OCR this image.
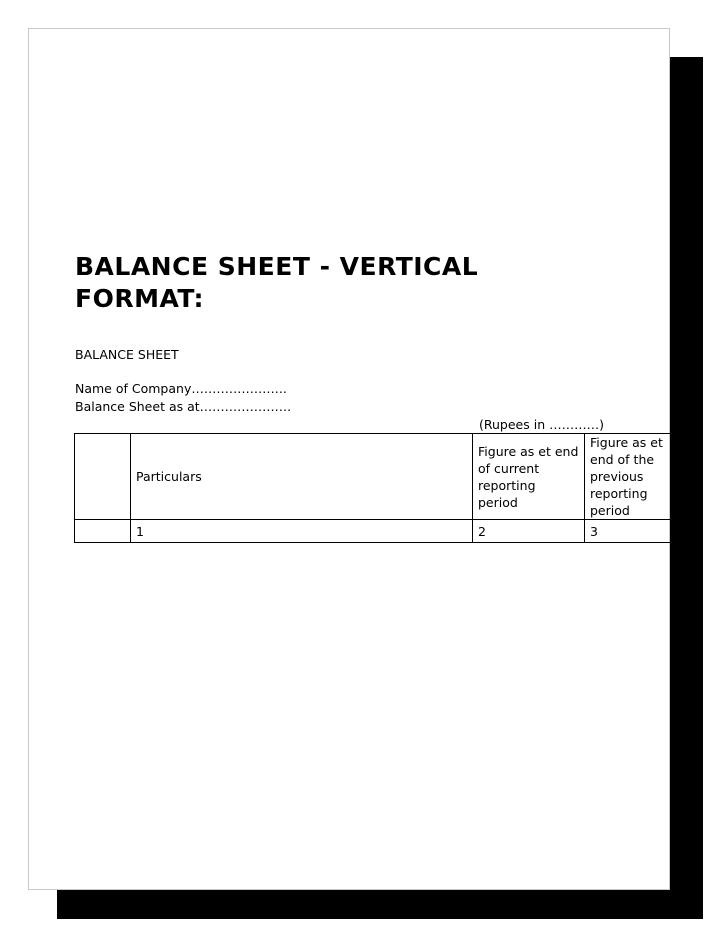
BALANCE SHEET - VERTICAL FORMAT:
BALANCE SHEET
Name of Company…………………..
Balance Sheet as at………………….
(Rupees in …………)
	Particulars	Figure as et end of current reporting period	Figure as et end of the previous reporting period
	1	2	3
